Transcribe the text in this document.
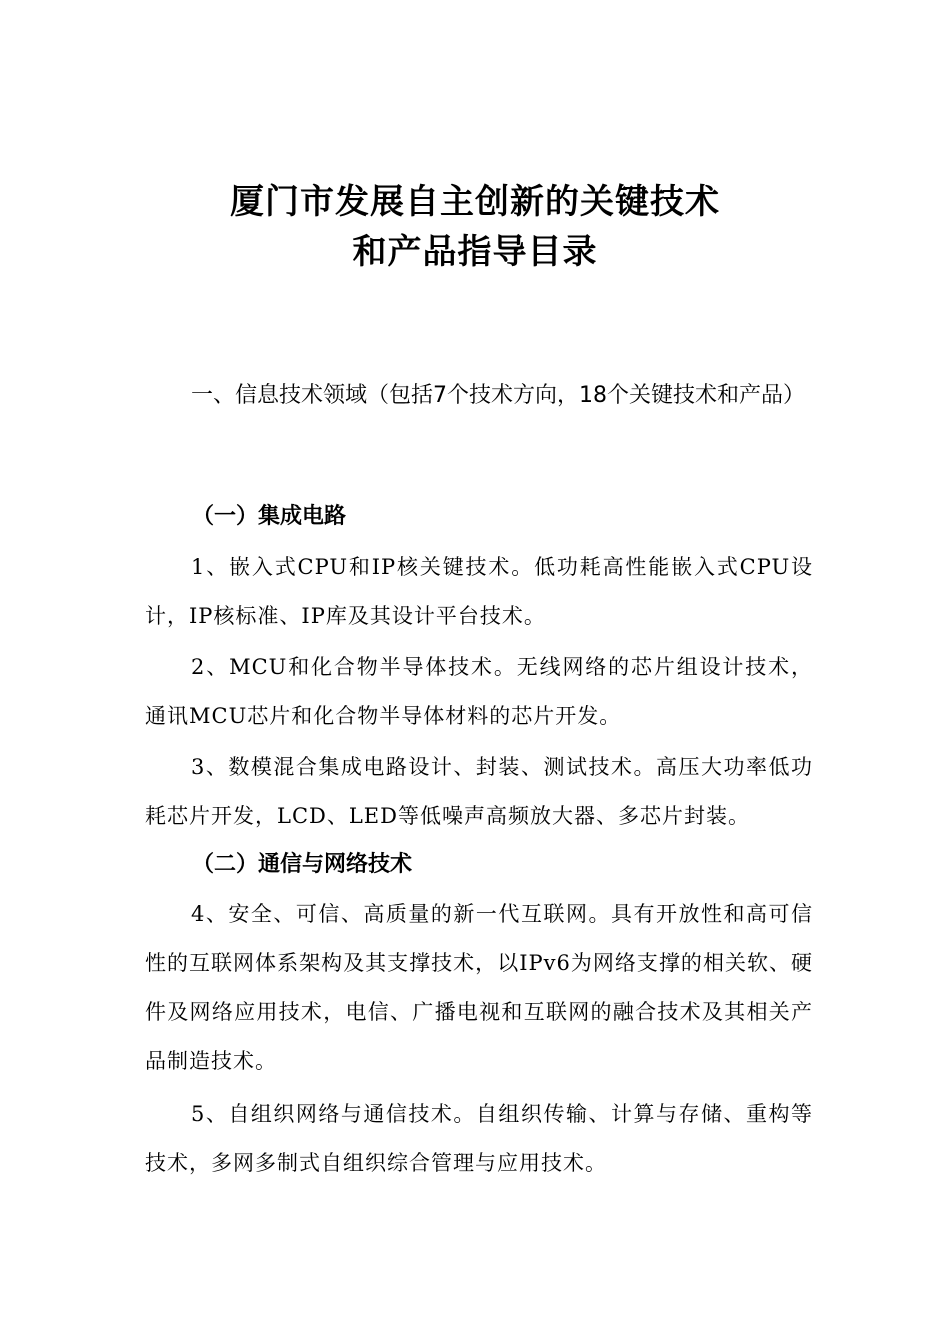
厦门市发展自主创新的关键技术
和产品指导目录
一、信息技术领域（包括7个技术方向，18个关键技术和产品）
（一）集成电路
1、嵌入式CPU和IP核关键技术。低功耗高性能嵌入式CPU设计，IP核标准、IP库及其设计平台技术。
2、MCU和化合物半导体技术。无线网络的芯片组设计技术，通讯MCU芯片和化合物半导体材料的芯片开发。
3、数模混合集成电路设计、封装、测试技术。高压大功率低功耗芯片开发，LCD、LED等低噪声高频放大器、多芯片封装。
（二）通信与网络技术
4、安全、可信、高质量的新一代互联网。具有开放性和高可信性的互联网体系架构及其支撑技术，以IPv6为网络支撑的相关软、硬件及网络应用技术，电信、广播电视和互联网的融合技术及其相关产品制造技术。
5、自组织网络与通信技术。自组织传输、计算与存储、重构等技术，多网多制式自组织综合管理与应用技术。
